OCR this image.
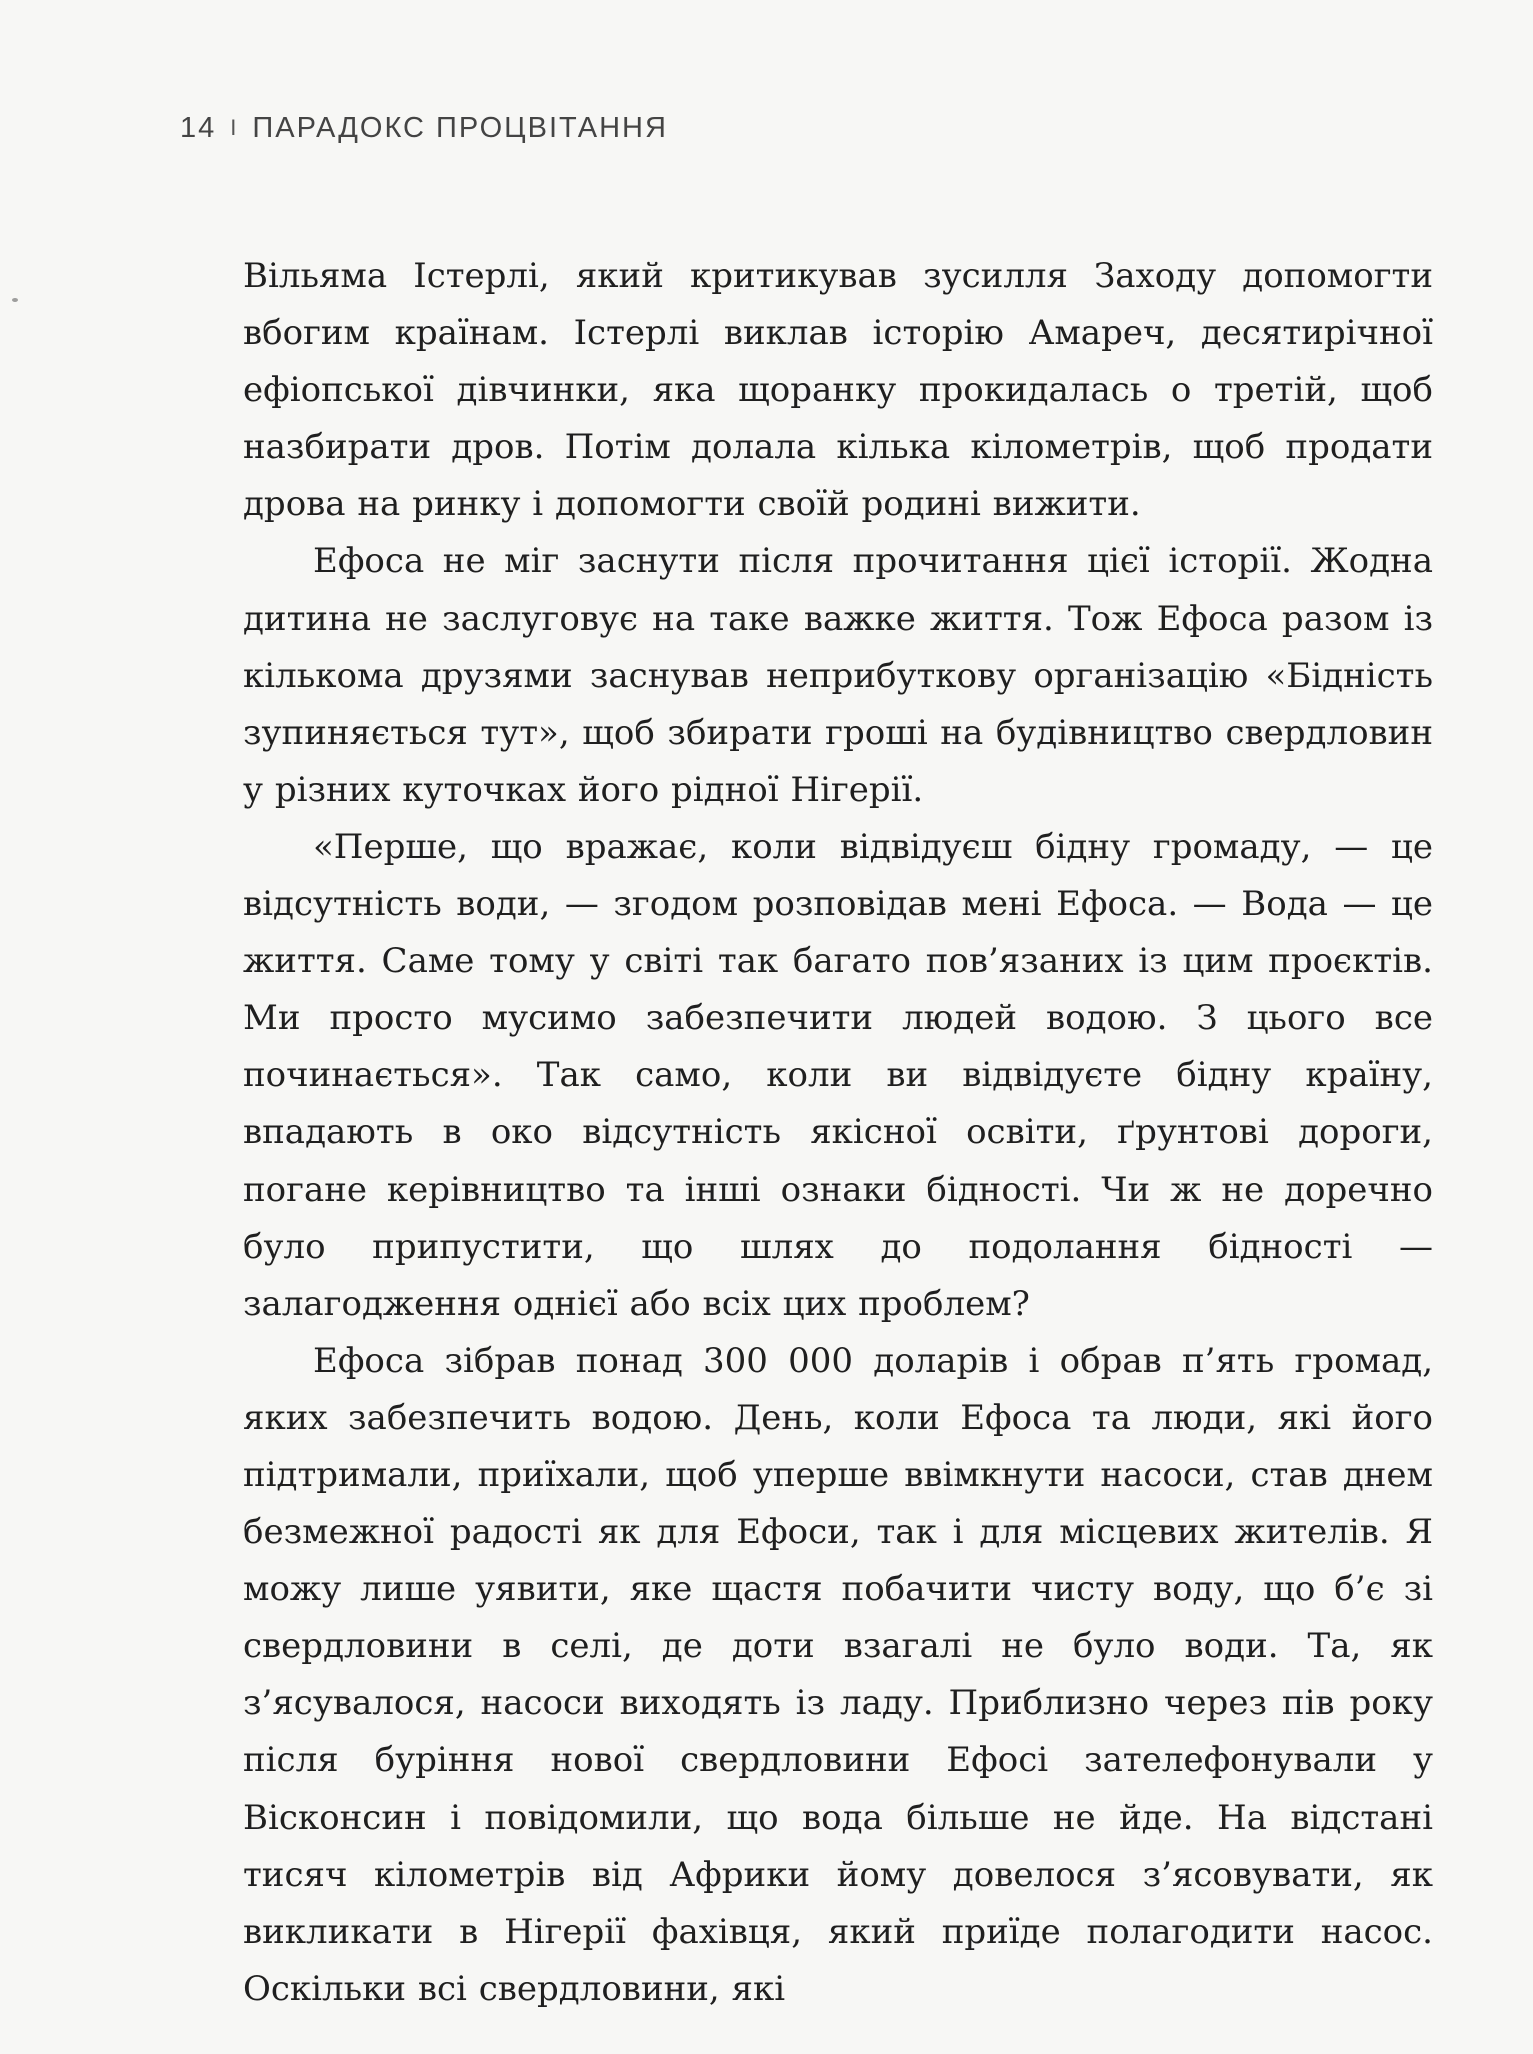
14 I ПАРАДОКС ПРОЦВІТАННЯ

Вільяма Істерлі, який критикував зусилля Заходу допомогти вбогим країнам. Істерлі виклав історію Амареч, десятирічної ефіопської дівчинки, яка щоранку прокидалась о третій, щоб назбирати дров. Потім долала кілька кілометрів, щоб продати дрова на ринку і допомогти своїй родині вижити.

Ефоса не міг заснути після прочитання цієї історії. Жодна дитина не заслуговує на таке важке життя. Тож Ефоса разом із кількома друзями заснував неприбуткову організацію «Бідність зупиняється тут», щоб збирати гроші на будівництво свердловин у різних куточках його рідної Нігерії.

«Перше, що вражає, коли відвідуєш бідну громаду, — це відсутність води, — згодом розповідав мені Ефоса. — Вода — це життя. Саме тому у світі так багато пов’язаних із цим проєктів. Ми просто мусимо забезпечити людей водою. З цього все починається». Так само, коли ви відвідуєте бідну країну, впадають в око відсутність якісної освіти, ґрунтові дороги, погане керівництво та інші ознаки бідності. Чи ж не доречно було припустити, що шлях до подолання бідності — залагодження однієї або всіх цих проблем?

Ефоса зібрав понад 300 000 доларів і обрав п’ять громад, яких забезпечить водою. День, коли Ефоса та люди, які його підтримали, приїхали, щоб уперше ввімкнути насоси, став днем безмежної радості як для Ефоси, так і для місцевих жителів. Я можу лише уявити, яке щастя побачити чисту воду, що б’є зі свердловини в селі, де доти взагалі не було води. Та, як з’ясувалося, насоси виходять із ладу. Приблизно через пів року після буріння нової свердловини Ефосі зателефонували у Вісконсин і повідомили, що вода більше не йде. На відстані тисяч кілометрів від Африки йому довелося з’ясовувати, як викликати в Нігерії фахівця, який приїде полагодити насос. Оскільки всі свердловини, які
